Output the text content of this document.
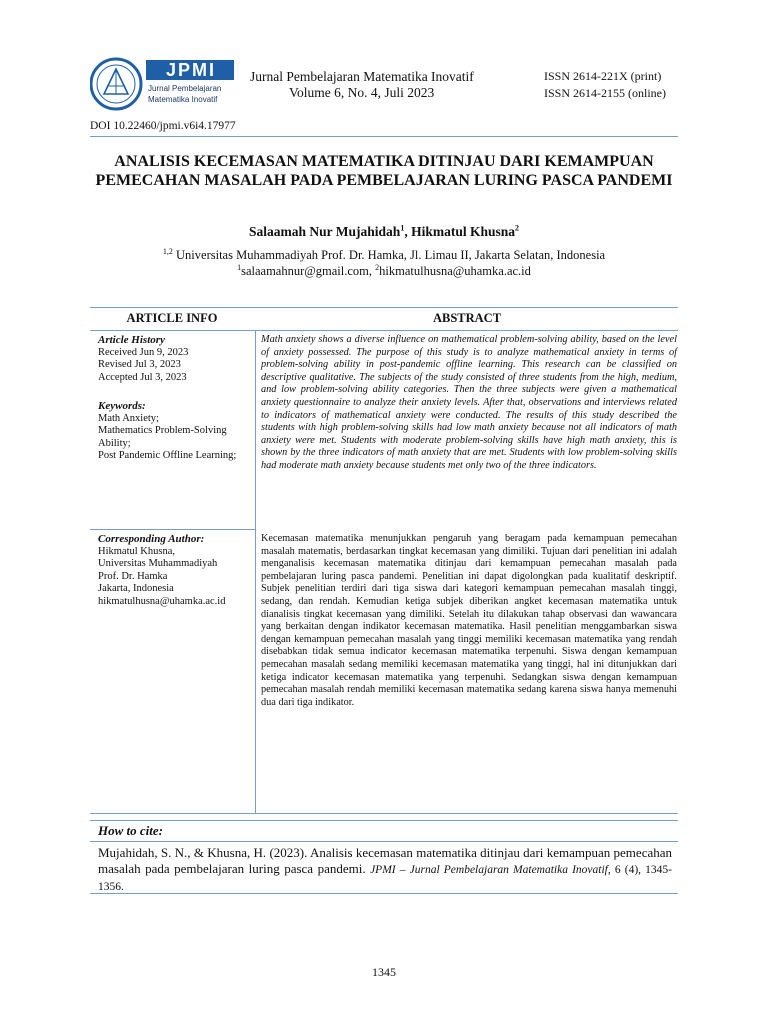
JPMI
Jurnal Pembelajaran
Matematika Inovatif
Jurnal Pembelajaran Matematika Inovatif
Volume 6, No. 4, Juli 2023
ISSN 2614-221X (print)
ISSN 2614-2155 (online)
DOI 10.22460/jpmi.v6i4.17977
ANALISIS KECEMASAN MATEMATIKA DITINJAU DARI KEMAMPUAN PEMECAHAN MASALAH PADA PEMBELAJARAN LURING PASCA PANDEMI
Salaamah Nur Mujahidah$^1$, Hikmatul Khusna$^2$
$^{1,2}$ Universitas Muhammadiyah Prof. Dr. Hamka, Jl. Limau II, Jakarta Selatan, Indonesia
$^1$salaamahnur@gmail.com, $^2$hikmatulhusna@uhamka.ac.id
ARTICLE INFO	ABSTRACT
Article History
Received Jun 9, 2023
Revised Jul 3, 2023
Accepted Jul 3, 2023
Keywords:
Math Anxiety;
Mathematics Problem-Solving Ability;
Post Pandemic Offline Learning;
Corresponding Author:
Hikmatul Khusna,
Universitas Muhammadiyah
Prof. Dr. Hamka
Jakarta, Indonesia
hikmatulhusna@uhamka.ac.id
Math anxiety shows a diverse influence on mathematical problem-solving ability, based on the level of anxiety possessed. The purpose of this study is to analyze mathematical anxiety in terms of problem-solving ability in post-pandemic offline learning. This research can be classified on descriptive qualitative. The subjects of the study consisted of three students from the high, medium, and low problem-solving ability categories. Then the three subjects were given a mathematical anxiety questionnaire to analyze their anxiety levels. After that, observations and interviews related to indicators of mathematical anxiety were conducted. The results of this study described the students with high problem-solving skills had low math anxiety because not all indicators of math anxiety were met. Students with moderate problem-solving skills have high math anxiety, this is shown by the three indicators of math anxiety that are met. Students with low problem-solving skills had moderate math anxiety because students met only two of the three indicators.
Kecemasan matematika menunjukkan pengaruh yang beragam pada kemampuan pemecahan masalah matematis, berdasarkan tingkat kecemasan yang dimiliki. Tujuan dari penelitian ini adalah menganalisis kecemasan matematika ditinjau dari kemampuan pemecahan masalah pada pembelajaran luring pasca pandemi. Penelitian ini dapat digolongkan pada kualitatif deskriptif. Subjek penelitian terdiri dari tiga siswa dari kategori kemampuan pemecahan masalah tinggi, sedang, dan rendah. Kemudian ketiga subjek diberikan angket kecemasan matematika untuk dianalisis tingkat kecemasan yang dimiliki. Setelah itu dilakukan tahap observasi dan wawancara yang berkaitan dengan indikator kecemasan matematika. Hasil penelitian menggambarkan siswa dengan kemampuan pemecahan masalah yang tinggi memiliki kecemasan matematika yang rendah disebabkan tidak semua indicator kecemasan matematika terpenuhi. Siswa dengan kemampuan pemecahan masalah sedang memiliki kecemasan matematika yang tinggi, hal ini ditunjukkan dari ketiga indicator kecemasan matematika yang terpenuhi. Sedangkan siswa dengan kemampuan pemecahan masalah rendah memiliki kecemasan matematika sedang karena siswa hanya memenuhi dua dari tiga indikator.
How to cite:
Mujahidah, S. N., & Khusna, H. (2023). Analisis kecemasan matematika ditinjau dari kemampuan pemecahan masalah pada pembelajaran luring pasca pandemi. JPMI – Jurnal Pembelajaran Matematika Inovatif, 6 (4), 1345-1356.
1345
